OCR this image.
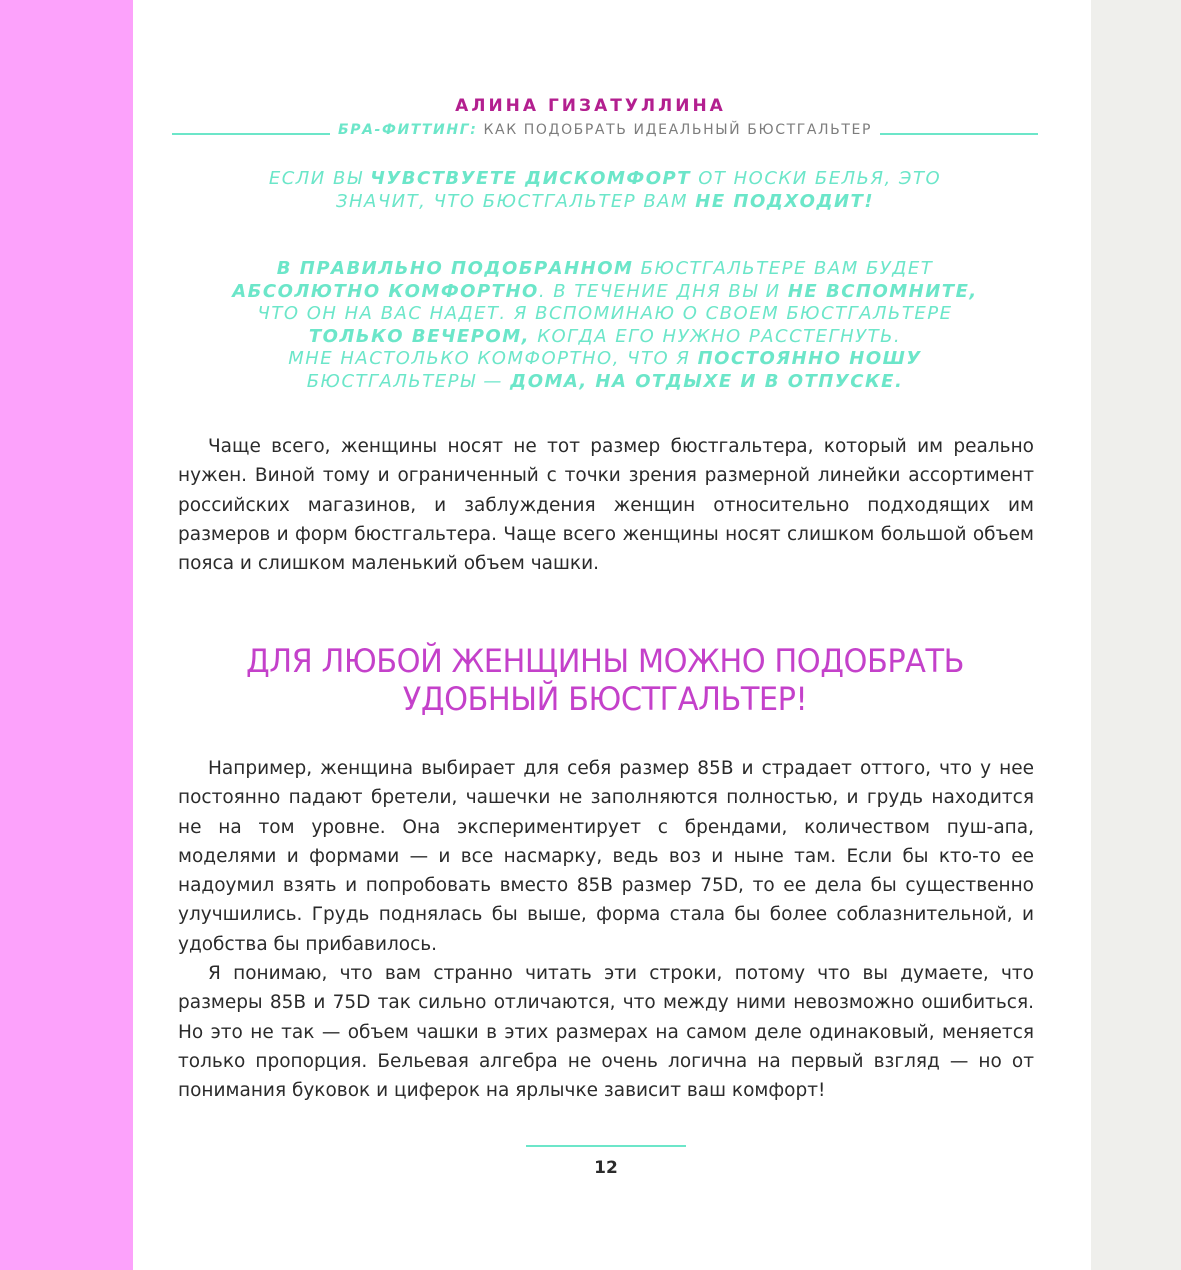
АЛИНА ГИЗАТУЛЛИНА
БРА-ФИТТИНГ: КАК ПОДОБРАТЬ ИДЕАЛЬНЫЙ БЮСТГАЛЬТЕР
ЕСЛИ ВЫ ЧУВСТВУЕТЕ ДИСКОМФОРТ ОТ НОСКИ БЕЛЬЯ, ЭТО
ЗНАЧИТ, ЧТО БЮСТГАЛЬТЕР ВАМ НЕ ПОДХОДИТ!
В ПРАВИЛЬНО ПОДОБРАННОМ БЮСТГАЛЬТЕРЕ ВАМ БУДЕТ
АБСОЛЮТНО КОМФОРТНО. В ТЕЧЕНИЕ ДНЯ ВЫ И НЕ ВСПОМНИТЕ,
ЧТО ОН НА ВАС НАДЕТ. Я ВСПОМИНАЮ О СВОЕМ БЮСТГАЛЬТЕРЕ
ТОЛЬКО ВЕЧЕРОМ, КОГДА ЕГО НУЖНО РАССТЕГНУТЬ.
МНЕ НАСТОЛЬКО КОМФОРТНО, ЧТО Я ПОСТОЯННО НОШУ
БЮСТГАЛЬТЕРЫ — ДОМА, НА ОТДЫХЕ И В ОТПУСКЕ.

Чаще всего, женщины носят не тот размер бюстгальтера, который им реально нужен. Виной тому и ограниченный с точки зрения размерной линейки ассортимент российских магазинов, и заблуждения женщин относительно подходящих им размеров и форм бюстгальтера. Чаще всего женщины носят слишком большой объем пояса и слишком маленький объем чашки.

ДЛЯ ЛЮБОЙ ЖЕНЩИНЫ МОЖНО ПОДОБРАТЬ
УДОБНЫЙ БЮСТГАЛЬТЕР!

Например, женщина выбирает для себя размер 85B и страдает оттого, что у нее постоянно падают бретели, чашечки не заполняются полностью, и грудь находится не на том уровне. Она экспериментирует с брендами, количеством пуш-апа, моделями и формами — и все насмарку, ведь воз и ныне там. Если бы кто-то ее надоумил взять и попробовать вместо 85B размер 75D, то ее дела бы существенно улучшились. Грудь поднялась бы выше, форма стала бы более соблазнительной, и удобства бы прибавилось.

Я понимаю, что вам странно читать эти строки, потому что вы думаете, что размеры 85B и 75D так сильно отличаются, что между ними невозможно ошибиться. Но это не так — объем чашки в этих размерах на самом деле одинаковый, меняется только пропорция. Бельевая алгебра не очень логична на первый взгляд — но от понимания буковок и циферок на ярлычке зависит ваш комфорт!

12
